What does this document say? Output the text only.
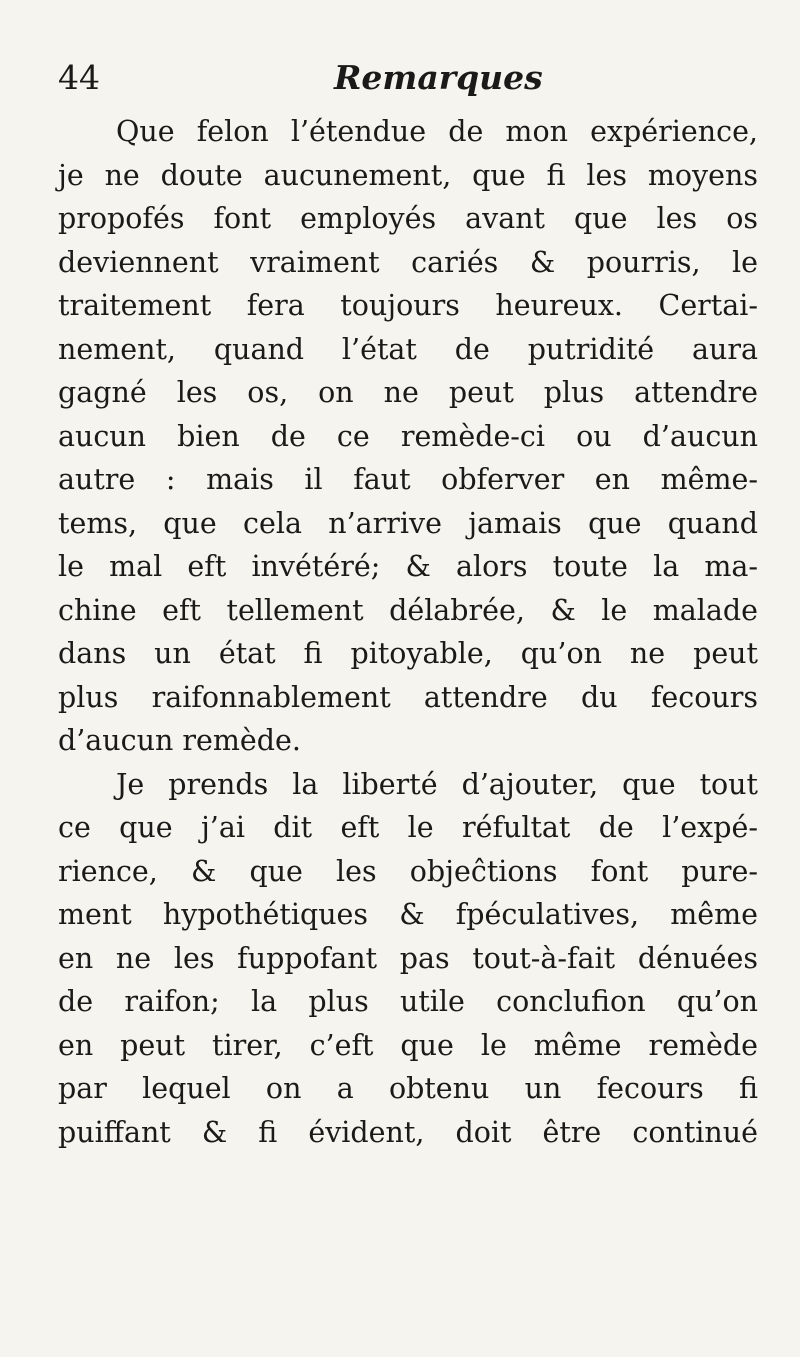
44	Remarques
Que felon l’étendue de mon expérience,
je ne doute aucunement, que fi les moyens
propofés font employés avant que les os
deviennent vraiment cariés & pourris, le
traitement fera toujours heureux. Certai-
nement, quand l’état de putridité aura
gagné les os, on ne peut plus attendre
aucun bien de ce remède-ci ou d’aucun
autre : mais il faut obferver en même-
tems, que cela n’arrive jamais que quand
le mal eft invétéré; & alors toute la ma-
chine eft tellement délabrée, & le malade
dans un état fi pitoyable, qu’on ne peut
plus raifonnablement attendre du fecours
d’aucun remède.
Je prends la liberté d’ajouter, que tout
ce que j’ai dit eft le réfultat de l’expé-
rience, & que les objeĉtions font pure-
ment hypothétiques & fpéculatives, même
en ne les fuppofant pas tout-à-fait dénuées
de raifon; la plus utile conclufion qu’on
en peut tirer, c’eft que le même remède
par lequel on a obtenu un fecours fi
puiffant & fi évident, doit être continué
